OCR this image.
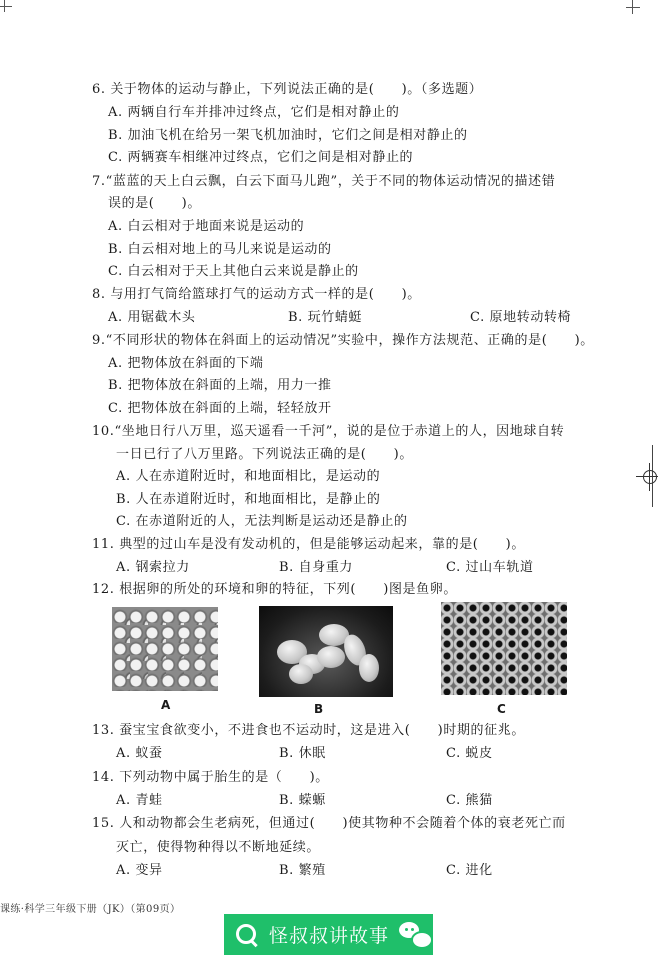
6. 关于物体的运动与静止，下列说法正确的是(　　)。（多选题）
A. 两辆自行车并排冲过终点，它们是相对静止的
B. 加油飞机在给另一架飞机加油时，它们之间是相对静止的
C. 两辆赛车相继冲过终点，它们之间是相对静止的
7.“蓝蓝的天上白云飘，白云下面马儿跑”，关于不同的物体运动情况的描述错
误的是(　　)。
A. 白云相对于地面来说是运动的
B. 白云相对地上的马儿来说是运动的
C. 白云相对于天上其他白云来说是静止的
8. 与用打气筒给篮球打气的运动方式一样的是(　　)。
A. 用锯截木头	B. 玩竹蜻蜓	C. 原地转动转椅
9.“不同形状的物体在斜面上的运动情况”实验中，操作方法规范、正确的是(　　)。
A. 把物体放在斜面的下端
B. 把物体放在斜面的上端，用力一推
C. 把物体放在斜面的上端，轻轻放开
10.“坐地日行八万里，巡天遥看一千河”，说的是位于赤道上的人，因地球自转
一日已行了八万里路。下列说法正确的是(　　)。
A. 人在赤道附近时，和地面相比，是运动的
B. 人在赤道附近时，和地面相比，是静止的
C. 在赤道附近的人，无法判断是运动还是静止的
11. 典型的过山车是没有发动机的，但是能够运动起来，靠的是(　　)。
A. 钢索拉力	B. 自身重力	C. 过山车轨道
12. 根据卵的所处的环境和卵的特征，下列(　　)图是鱼卵。
A	B	C
13. 蚕宝宝食欲变小，不进食也不运动时，这是进入(　　)时期的征兆。
A. 蚁蚕	B. 休眠	C. 蜕皮
14. 下列动物中属于胎生的是（　　)。
A. 青蛙	B. 蝾螈	C. 熊猫
15. 人和动物都会生老病死，但通过(　　)使其物种不会随着个体的衰老死亡而
灭亡，使得物种得以不断地延续。
A. 变异	B. 繁殖	C. 进化
课练·科学三年级下册（JK）（第09页）
怪叔叔讲故事
